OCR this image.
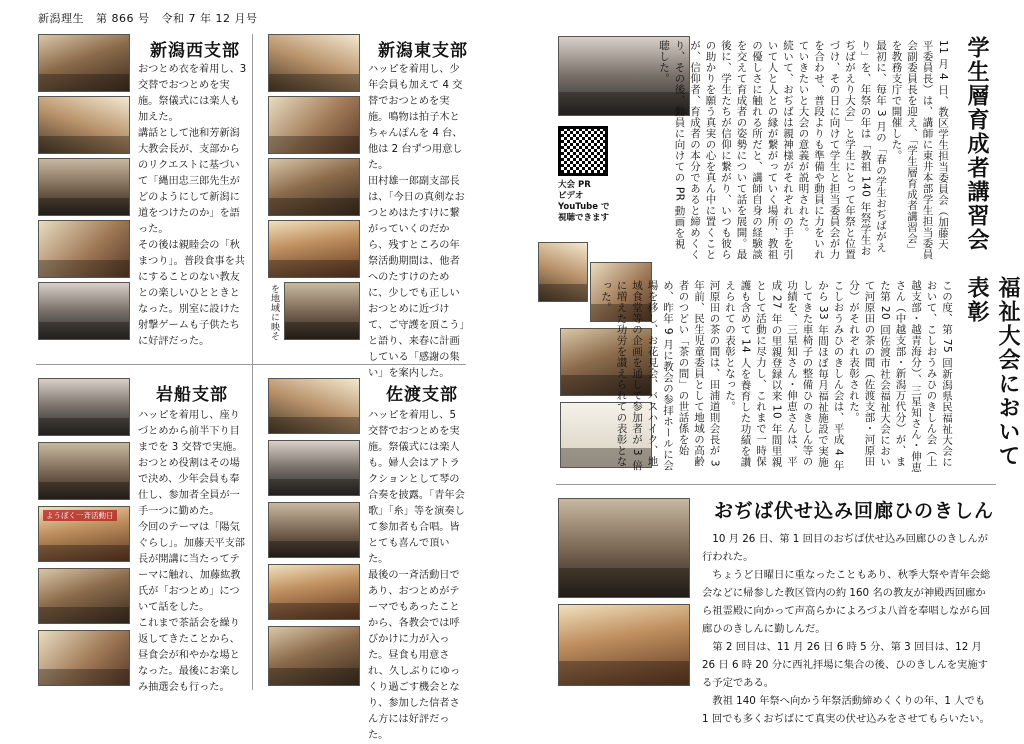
新潟理生 第 866 号 令和 7 年 12 月号
新潟西支部

おつとめ衣を着用し、3 交替でおつとめを実施。祭儀式には楽人も加えた。

講話として池和芳新潟大教会長が、支部からのリクエストに基づいて「縄田忠三郎先生がどのようにして新潟に道をつけたのか」を語った。

その後は親睦会の「秋まつり」。普段食事を共にすることのない教友との楽しいひとときとなった。別室に設けた射撃ゲームも子供たちに好評だった。

を地域に映そ
新潟東支部

ハッピを着用し、少年会員も加えて 4 交替でおつとめを実施。鳴物は拍子木とちゃんぽんを 4 台、他は 2 台ずつ用意した。

田村雄一郎副支部長は、「今日の真剣なおつとめはたすけに繋がっていくのだから、残すところの年祭活動期間は、他者へのたすけのために、少しでも正しいおつとめに近づけて、ご守護を頂こう」と語り、来春に計画している「感謝の集い」を案内した。

ようぼく一斉活動日
岩船支部

ハッピを着用し、座りづとめから前半下り目までを 3 交替で実施。おつとめ役割はその場で決め、少年会員も奉仕し、参加者全員が一手一つに勤めた。

今回のテーマは「陽気ぐらし」。加藤天平支部長が開講に当たってテーマに触れ、加藤紘教氏が「おつとめ」について話をした。

これまで茶話会を繰り返してきたことから、昼食会が和やかな場となった。最後にお楽しみ抽選会も行った。

佐渡支部

ハッピを着用し、5 交替でおつとめを実施。祭儀式には楽人も。婦人会はアトラクションとして琴の合奏を披露。「青年会歌」「糸」等を演奏して参加者も合唱。皆とても喜んで頂いた。

最後の一斉活動日であり、おつとめがテーマでもあったことから、各教会では呼びかけに力が入った。昼食も用意され、久しぶりにゆっくり過ごす機会となり、参加した信者さん方には好評だった。

大会 PR
ビデオ
YouTube で
視聴できます	学生層育成者講習会

11 月 4 日、教区学生担当委員会（加藤天平委員長）は、講師に東井本部学生担当委員会副委員長を迎え、「学生層育成者講習会」を教務支庁で開催した。

最初に、毎年 3 月の「春の学生おぢばがえり」を、年祭の年は「教祖 140 年祭学生おぢばがえり大会」と学生にとって年祭と位置づけ、その日に向けて学生と担当委員会が力を合わせ、普段よりも準備や動員に力をいれていきたいと大会の意義が説明された。

続いて、おぢばは親神様がそれぞれの手を引いて人と人との縁が繋がっていく場所、教祖の優しさに触れる所だと、講師自身の経験談を交えて育成者の姿勢について話を展開。最後に、学生たちが信仰に繋がり、いつも彼らの助かりを願う真実の心を真ん中に置くことが、信仰者、育成者の本分であると締めくくり、その後、動員に向けての PR 動画を視聴した。

福祉大会において表彰

この度、第 75 回新潟県民福祉大会において、こしおうみひのきしん会（上越支部・越青海分）、三星知さん・伸恵さん（中越支部・新潟万代分）が、また第 20 回佐渡市社会福祉大会において河原田の茶の間（佐渡支部・河原田分）がそれぞれ表彰された。

こしおうみひのきしん会は、平成 4 年から 33 年間ほぼ毎月福祉施設で実施してきた車椅子の整備ひのきしん等の功績を、三星知さん・伸恵さんは、平成 27 年の里親登録以来 10 年間里親として活動に尽力し、これまで一時保護も含めて 14 人を養育した功績を讃えられての表彰となった。

河原田の茶の間は、田浦道則会長が 3 年前、民生児童委員として地域の高齢者のつどい「茶の間」の世話係を始め、昨年 9 月に教会の参拝ホールに会場を移し、お花見会、バスハイク、地域食堂等の企画を通して参加者が 3 倍に増えた功労を讃えられての表彰となった。

おぢば伏せ込み回廊ひのきしん

10 月 26 日、第 1 回目のおぢば伏せ込み回廊ひのきしんが行われた。

ちょうど日曜日に重なったこともあり、秋季大祭や青年会総会などに帰参した教区管内の約 160 名の教友が神殿西回廊から祖霊殿に向かって声高らかによろづよ八首を奉唱しながら回廊ひのきしんに勤しんだ。

第 2 回目は、11 月 26 日 6 時 5 分、第 3 回目は、12 月 26 日 6 時 20 分に西礼拝場に集合の後、ひのきしんを実施する予定である。

教祖 140 年祭へ向かう年祭活動締めくくりの年、1 人でも 1 回でも多くおぢばにて真実の伏せ込みをさせてもらいたい。
